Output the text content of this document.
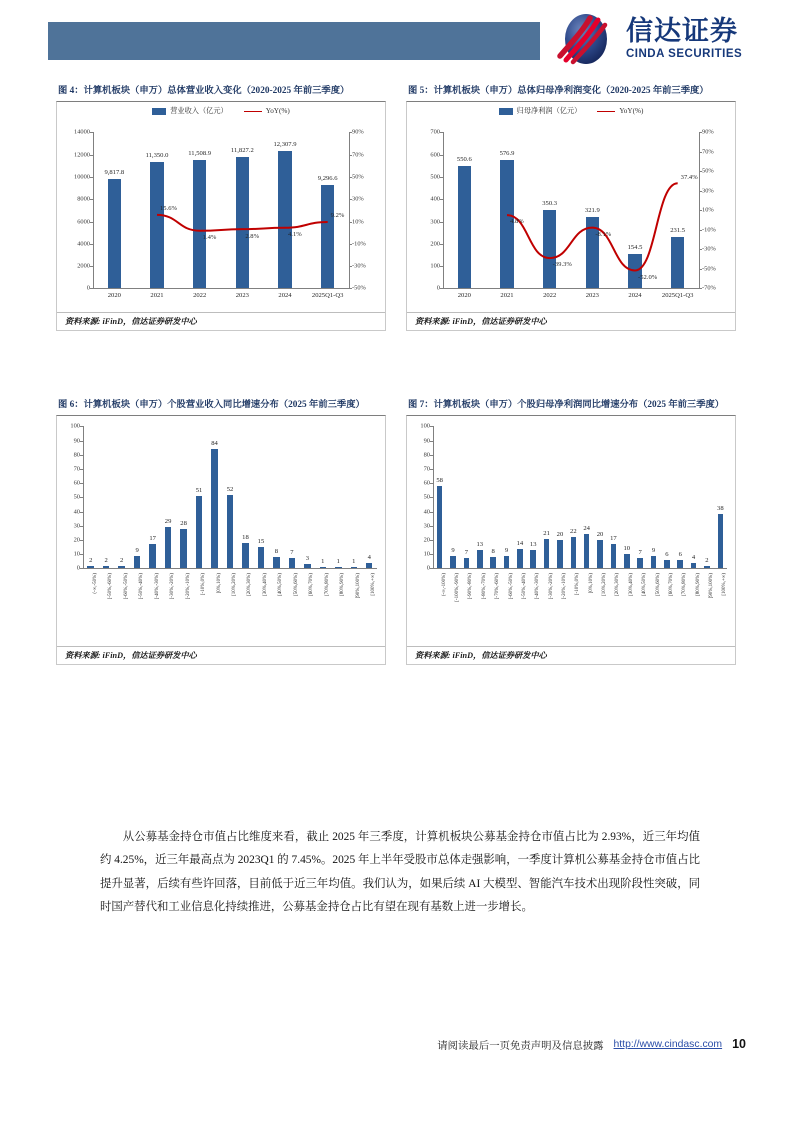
信达证券
CINDA SECURITIES
图 4：计算机板块（申万）总体营业收入变化（2020-2025 年前三季度）
营业收入（亿元）	YoY(%)
0
2000
4000
6000
8000
10000
12000
14000
-50%
-30%
-10%
10%
30%
50%
70%
90%
9,817.8
2020
11,350.0
2021
11,508.9
2022
11,827.2
2023
12,307.9
2024
9,296.6
2025Q1-Q3
15.6%
1.4%	2.8%	4.1%
9.2%
资料来源: iFinD，信达证券研发中心
图 5：计算机板块（申万）总体归母净利润变化（2020-2025 年前三季度）
归母净利润（亿元）	YoY(%)
0
100
200
300
400
500
600
700
-70%
-50%
-30%
-10%
10%
30%
50%
70%
90%
550.6
2020
576.9
2021
350.3
2022
321.9
2023
154.5
2024
231.5
2025Q1-Q3
4.8%
-39.3%
-8.1%
-52.0%
37.4%
资料来源: iFinD，信达证券研发中心
图 6：计算机板块（申万）个股营业收入同比增速分布（2025 年前三季度）
0
10
20
30
40
50
60
70
80
90
100
2
(-∞,-50%)
2
[-50%,-60%)
2
[-60%,-50%)
9
[-50%,-40%)
17
[-40%,-30%)
29
[-30%,-20%)
28
[-20%,-10%)
51
[-10%,0%)
84
[0%,10%)
52
[10%,20%)
18
[20%,30%)
15
[30%,40%)
8
[40%,50%)
7
[50%,60%)
3
[60%,70%)
1
[70%,80%)
1
[80%,90%)
1
[90%,100%)
4
[100%,+∞)
资料来源: iFinD，信达证券研发中心
图 7：计算机板块（申万）个股归母净利润同比增速分布（2025 年前三季度）
0
10
20
30
40
50
60
70
80
90
100
58
(-∞,-100%)
9
[-100%,-90%)
7
[-90%,-80%)
13
[-80%,-70%)
8
[-70%,-60%)
9
[-60%,-50%)
14
[-50%,-40%)
13
[-40%,-30%)
21
[-30%,-20%)
20
[-20%,-10%)
22
[-10%,0%)
24
[0%,10%)
20
[10%,20%)
17
[20%,30%)
10
[30%,40%)
7
[40%,50%)
9
[50%,60%)
6
[60%,70%)
6
[70%,80%)
4
[80%,90%)
2
[90%,100%)
38
[100%,+∞)
资料来源: iFinD，信达证券研发中心
从公募基金持仓市值占比维度来看，截止 2025 年三季度，计算机板块公募基金持仓市值占比为 2.93%，近三年均值约 4.25%，近三年最高点为 2023Q1 的 7.45%。2025 年上半年受股市总体走强影响，一季度计算机公募基金持仓市值占比提升显著，后续有些许回落，目前低于近三年均值。我们认为，如果后续 AI 大模型、智能汽车技术出现阶段性突破，同时国产替代和工业信息化持续推进，公募基金持仓占比有望在现有基数上进一步增长。
请阅读最后一页免责声明及信息披露 http://www.cindasc.com 10
